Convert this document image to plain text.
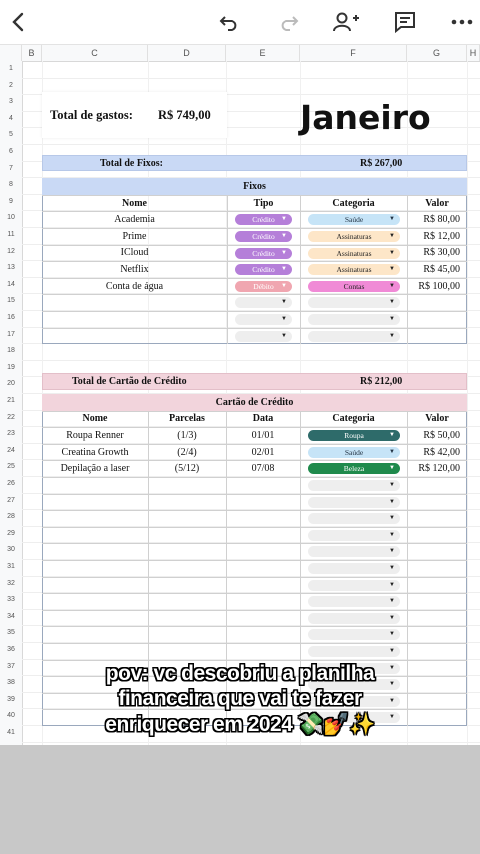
B	C	D	E	F	G	H
1
2
3
4
5
6
7
8
9
10
11
12
13
14
15
16
17
18
19
20
21
22
23
24
25
26
27
28
29
30
31
32
33
34
35
36
37
38
39
40
41
Total de gastos: R$ 749,00	Janeiro
Total de Fixos:	R$ 267,00
Fixos
Nome	Tipo	Categoria	Valor
Academia	Crédito ▼	Saúde	▼	R$ 80,00
Prime	Crédito ▼	Assinaturas	▼	R$ 12,00
ICloud	Crédito ▼	Assinaturas	▼	R$ 30,00
Netflix	Crédito ▼	Assinaturas	▼	R$ 45,00
Conta de água	Débito ▼	Contas	▼	R$ 100,00
▼	▼
▼	▼
▼	▼
Total de Cartão de Crédito	R$ 212,00
Cartão de Crédito
Nome	Parcelas	Data	Categoria	Valor
Roupa Renner	(1/3)	01/01	Roupa	▼	R$ 50,00
Creatina Growth	(2/4)	02/01	Saúde	▼	R$ 42,00
Depilação a laser	(5/12)	07/08	Beleza	▼	R$ 120,00
▼
▼
▼
▼
▼
▼
▼
▼
▼
▼
▼
▼
▼
▼
▼
pov: vc descobriu a planilha
financeira que vai te fazer
enriquecer em 2024 💸💅✨
